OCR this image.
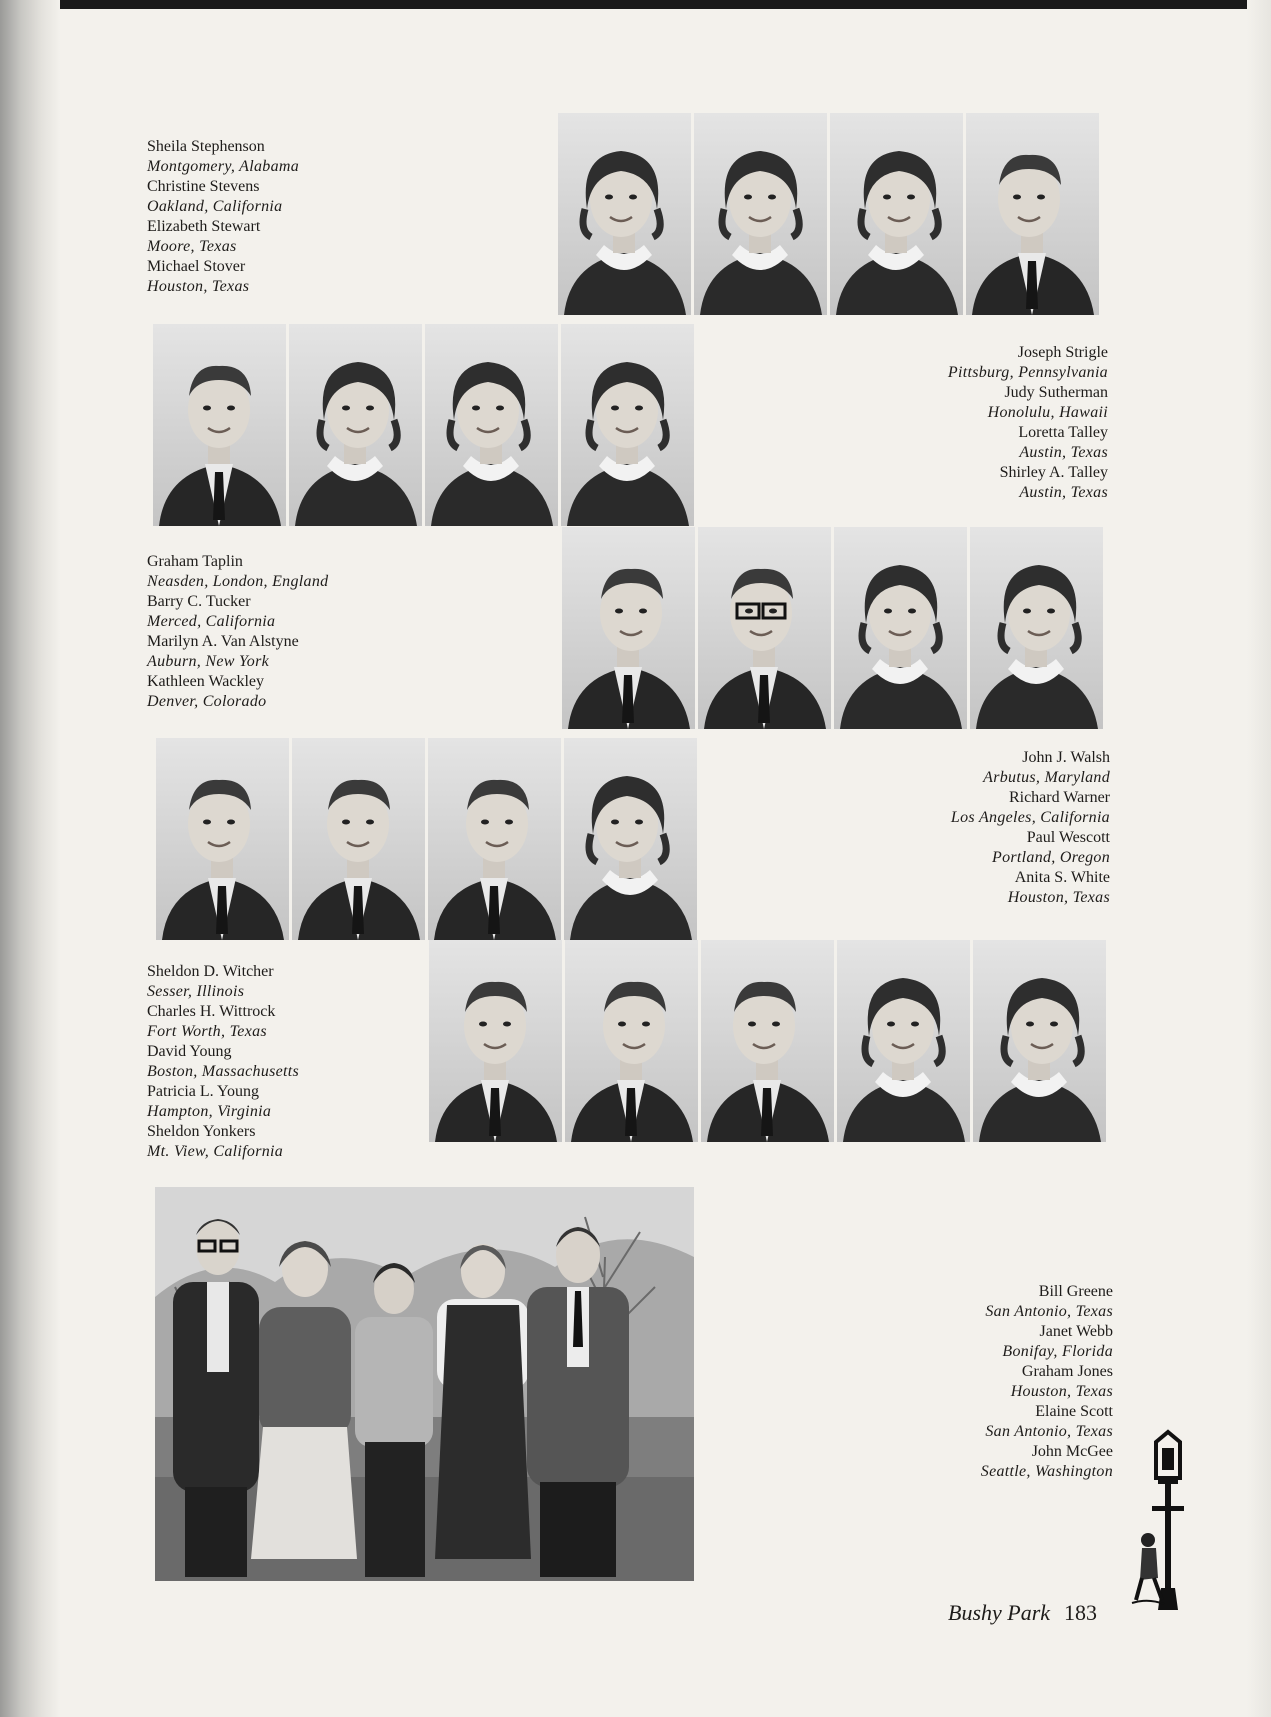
Sheila Stephenson
Montgomery, Alabama
Christine Stevens
Oakland, California
Elizabeth Stewart
Moore, Texas
Michael Stover
Houston, Texas
Joseph Strigle
Pittsburg, Pennsylvania
Judy Sutherman
Honolulu, Hawaii
Loretta Talley
Austin, Texas
Shirley A. Talley
Austin, Texas
Graham Taplin
Neasden, London, England
Barry C. Tucker
Merced, California
Marilyn A. Van Alstyne
Auburn, New York
Kathleen Wackley
Denver, Colorado
John J. Walsh
Arbutus, Maryland
Richard Warner
Los Angeles, California
Paul Wescott
Portland, Oregon
Anita S. White
Houston, Texas
Sheldon D. Witcher
Sesser, Illinois
Charles H. Wittrock
Fort Worth, Texas
David Young
Boston, Massachusetts
Patricia L. Young
Hampton, Virginia
Sheldon Yonkers
Mt. View, California
Bill Greene
San Antonio, Texas
Janet Webb
Bonifay, Florida
Graham Jones
Houston, Texas
Elaine Scott
San Antonio, Texas
John McGee
Seattle, Washington
Bushy Park 183
